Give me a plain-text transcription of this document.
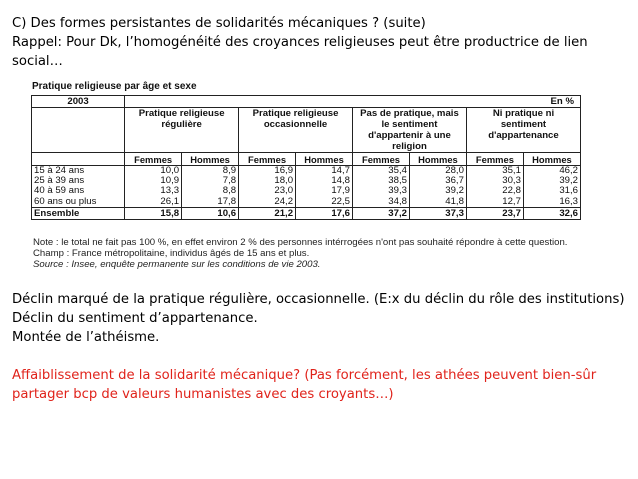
C) Des formes persistantes de solidarités mécaniques ? (suite)
Rappel: Pour Dk, l’homogénéité des croyances religieuses peut être productrice de lien
social…
Pratique religieuse par âge et sexe
2003	En %							
	Pratique religieuse régulière		Pratique religieuse occasionnelle		Pas de pratique, mais le sentiment d'appartenir à une religion		Ni pratique ni sentiment d'appartenance	
	Femmes	Hommes	Femmes	Hommes	Femmes	Hommes	Femmes	Hommes
15 à 24 ans	10,0	8,9	16,9	14,7	35,4	28,0	35,1	46,2
25 à 39 ans	10,9	7,8	18,0	14,8	38,5	36,7	30,3	39,2
40 à 59 ans	13,3	8,8	23,0	17,9	39,3	39,2	22,8	31,6
60 ans ou plus	26,1	17,8	24,2	22,5	34,8	41,8	12,7	16,3
Ensemble	15,8	10,6	21,2	17,6	37,2	37,3	23,7	32,6
Note : le total ne fait pas 100 %, en effet environ 2 % des personnes intérrogées n'ont pas souhaité répondre à cette question.
Champ : France métropolitaine, individus âgés de 15 ans et plus.
Source : Insee, enquête permanente sur les conditions de vie 2003.
Déclin marqué de la pratique régulière, occasionnelle. (E:x du déclin du rôle des institutions)
Déclin du sentiment d’appartenance.
Montée de l’athéisme.
Affaiblissement de la solidarité mécanique? (Pas forcément, les athées peuvent bien-sûr
partager bcp de valeurs humanistes avec des croyants…)
